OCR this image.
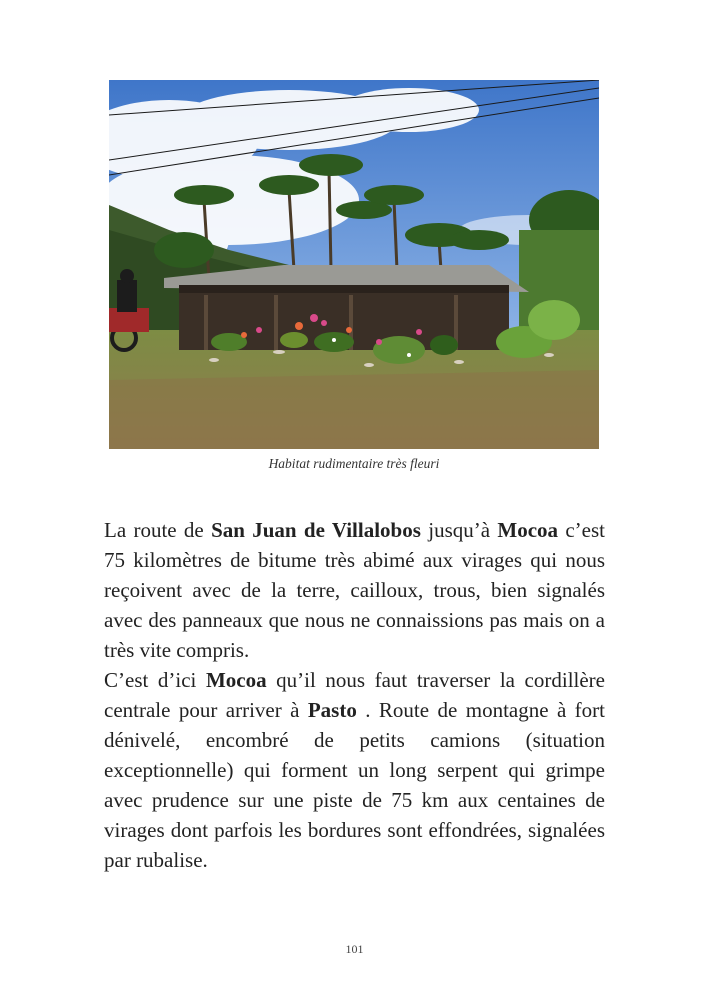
Habitat rudimentaire très fleuri

La route de San Juan de Villalobos jusqu’à Mocoa c’est 75 kilomètres de bitume très abimé aux virages qui nous reçoivent avec de la terre, cailloux, trous, bien signalés avec des panneaux que nous ne connaissions pas mais on a très vite compris.

C’est d’ici Mocoa qu’il nous faut traverser la cordillère centrale pour arriver à Pasto . Route de montagne à fort dénivelé, encombré de petits camions (situation exceptionnelle) qui forment un long serpent qui grimpe avec prudence sur une piste de 75 km aux centaines de virages dont parfois les bordures sont effondrées, signalées par rubalise.

101
